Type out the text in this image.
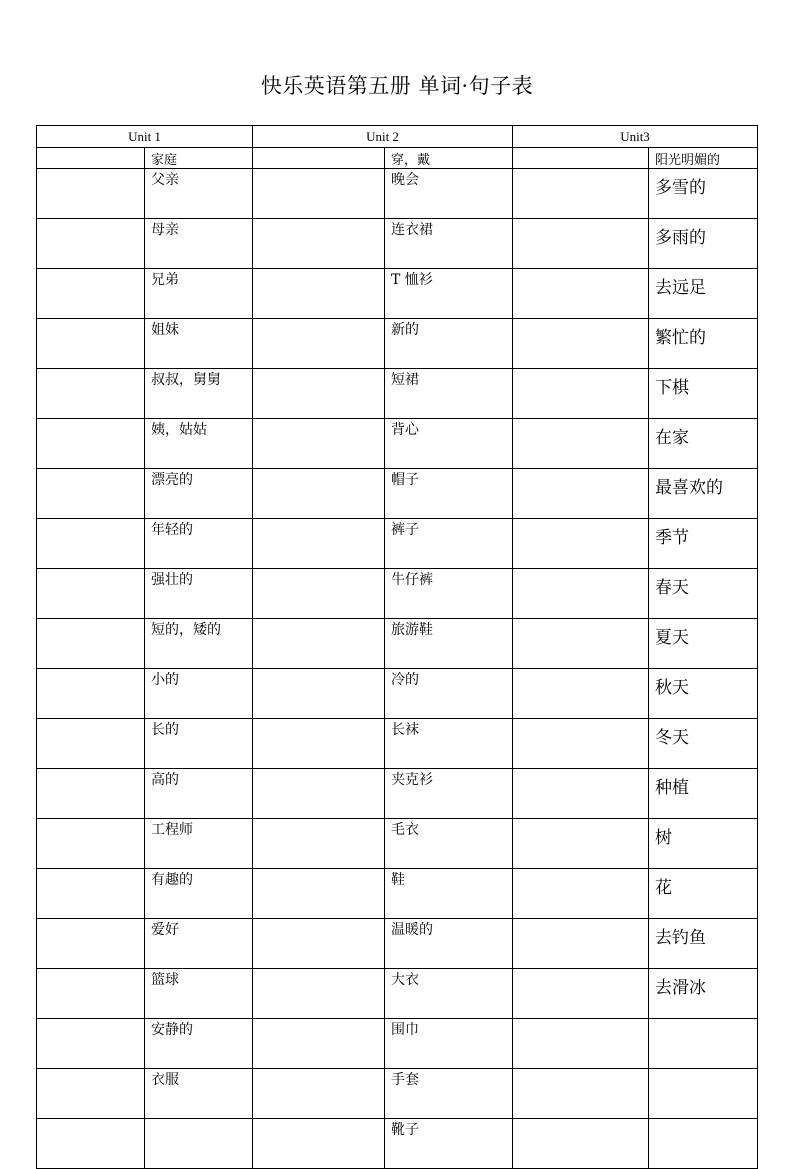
快乐英语第五册 单词·句子表
Unit 1		Unit 2		Unit3	
	家庭		穿，戴		阳光明媚的
	父亲		晚会		多雪的
	母亲		连衣裙		多雨的
	兄弟		T 恤衫		去远足
	姐妹		新的		繁忙的
	叔叔，舅舅		短裙		下棋
	姨，姑姑		背心		在家
	漂亮的		帽子		最喜欢的
	年轻的		裤子		季节
	强壮的		牛仔裤		春天
	短的，矮的		旅游鞋		夏天
	小的		冷的		秋天
	长的		长袜		冬天
	高的		夹克衫		种植
	工程师		毛衣		树
	有趣的		鞋		花
	爱好		温暖的		去钓鱼
	篮球		大衣		去滑冰
	安静的		围巾		
	衣服		手套		
			靴子		
